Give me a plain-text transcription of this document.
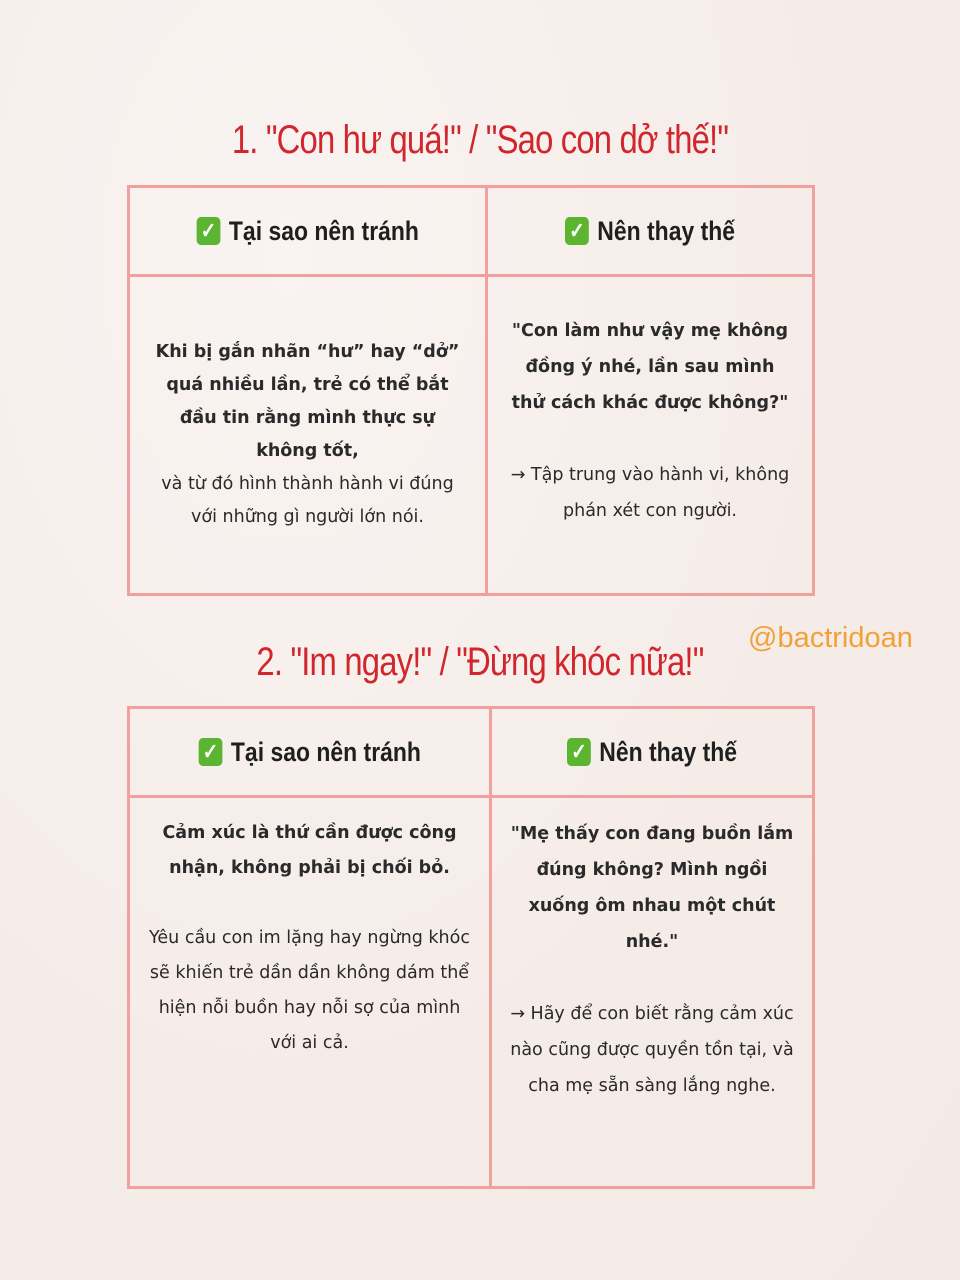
1. "Con hư quá!" / "Sao con dở thế!"
✓ Tại sao nên tránh	✓ Nên thay thế
Khi bị gắn nhãn “hư” hay “dở” quá nhiều lần, trẻ có thể bắt đầu tin rằng mình thực sự không tốt,
và từ đó hình thành hành vi đúng với những gì người lớn nói.
"Con làm như vậy mẹ không đồng ý nhé, lần sau mình thử cách khác được không?"
→ Tập trung vào hành vi, không phán xét con người.
@bactridoan
2. "Im ngay!" / "Đừng khóc nữa!"
✓ Tại sao nên tránh	✓ Nên thay thế
Cảm xúc là thứ cần được công nhận, không phải bị chối bỏ.
Yêu cầu con im lặng hay ngừng khóc sẽ khiến trẻ dần dần không dám thể hiện nỗi buồn hay nỗi sợ của mình với ai cả.
"Mẹ thấy con đang buồn lắm đúng không? Mình ngồi xuống ôm nhau một chút nhé."
→ Hãy để con biết rằng cảm xúc nào cũng được quyền tồn tại, và cha mẹ sẵn sàng lắng nghe.
